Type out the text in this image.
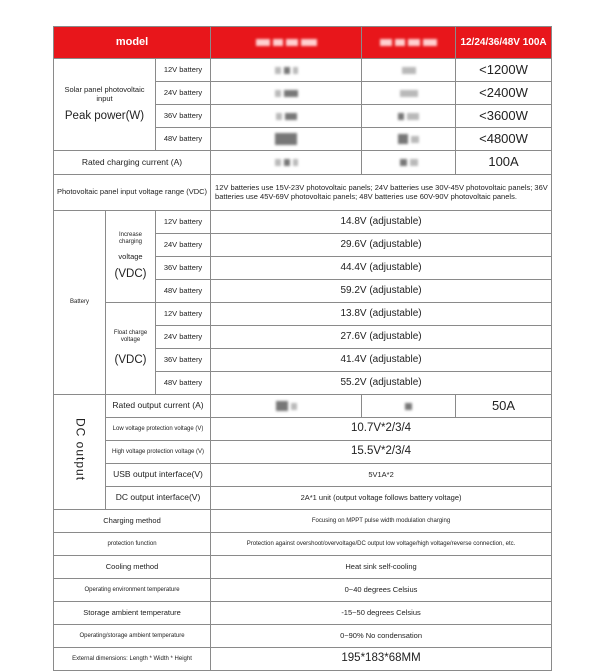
model					12/24/36/48V 100A

Solar panel photovoltaic input
Peak power(W)		12V battery			<1200W
		24V battery			<2400W
		36V battery			<3600W
		48V battery			<4800W
Rated charging current (A)					100A
Photovoltaic panel input voltage range (VDC)			12V batteries use 15V-23V photovoltaic panels; 24V batteries use 30V-45V photovoltaic panels; 36V batteries use 45V-69V photovoltaic panels; 48V batteries use 60V-90V photovoltaic panels.		
Battery	Increase charging
voltage
(VDC)	12V battery	14.8V (adjustable)		
		24V battery	29.6V (adjustable)		
		36V battery	44.4V (adjustable)		
		48V battery	59.2V (adjustable)		

	Float charge voltage
(VDC)	12V battery	13.8V (adjustable)		
		24V battery	27.6V (adjustable)		
		36V battery	41.4V (adjustable)		
		48V battery	55.2V (adjustable)		
DC output	Rated output current (A)				50A
	Low voltage protection voltage (V)		10.7V*2/3/4		
	High voltage protection voltage (V)		15.5V*2/3/4		
	USB output interface(V)		5V1A*2		
	DC output interface(V)		2A*1 unit (output voltage follows battery voltage)		
Charging method			Focusing on MPPT pulse width modulation charging		
protection function			Protection against overshoot/overvoltage/DC output low voltage/high voltage/reverse connection, etc.		
Cooling method			Heat sink self-cooling		
Operating environment temperature			0~40 degrees Celsius		
Storage ambient temperature			-15~50 degrees Celsius		
Operating/storage ambient temperature			0~90% No condensation		
External dimensions: Length * Width * Height			195*183*68MM		
